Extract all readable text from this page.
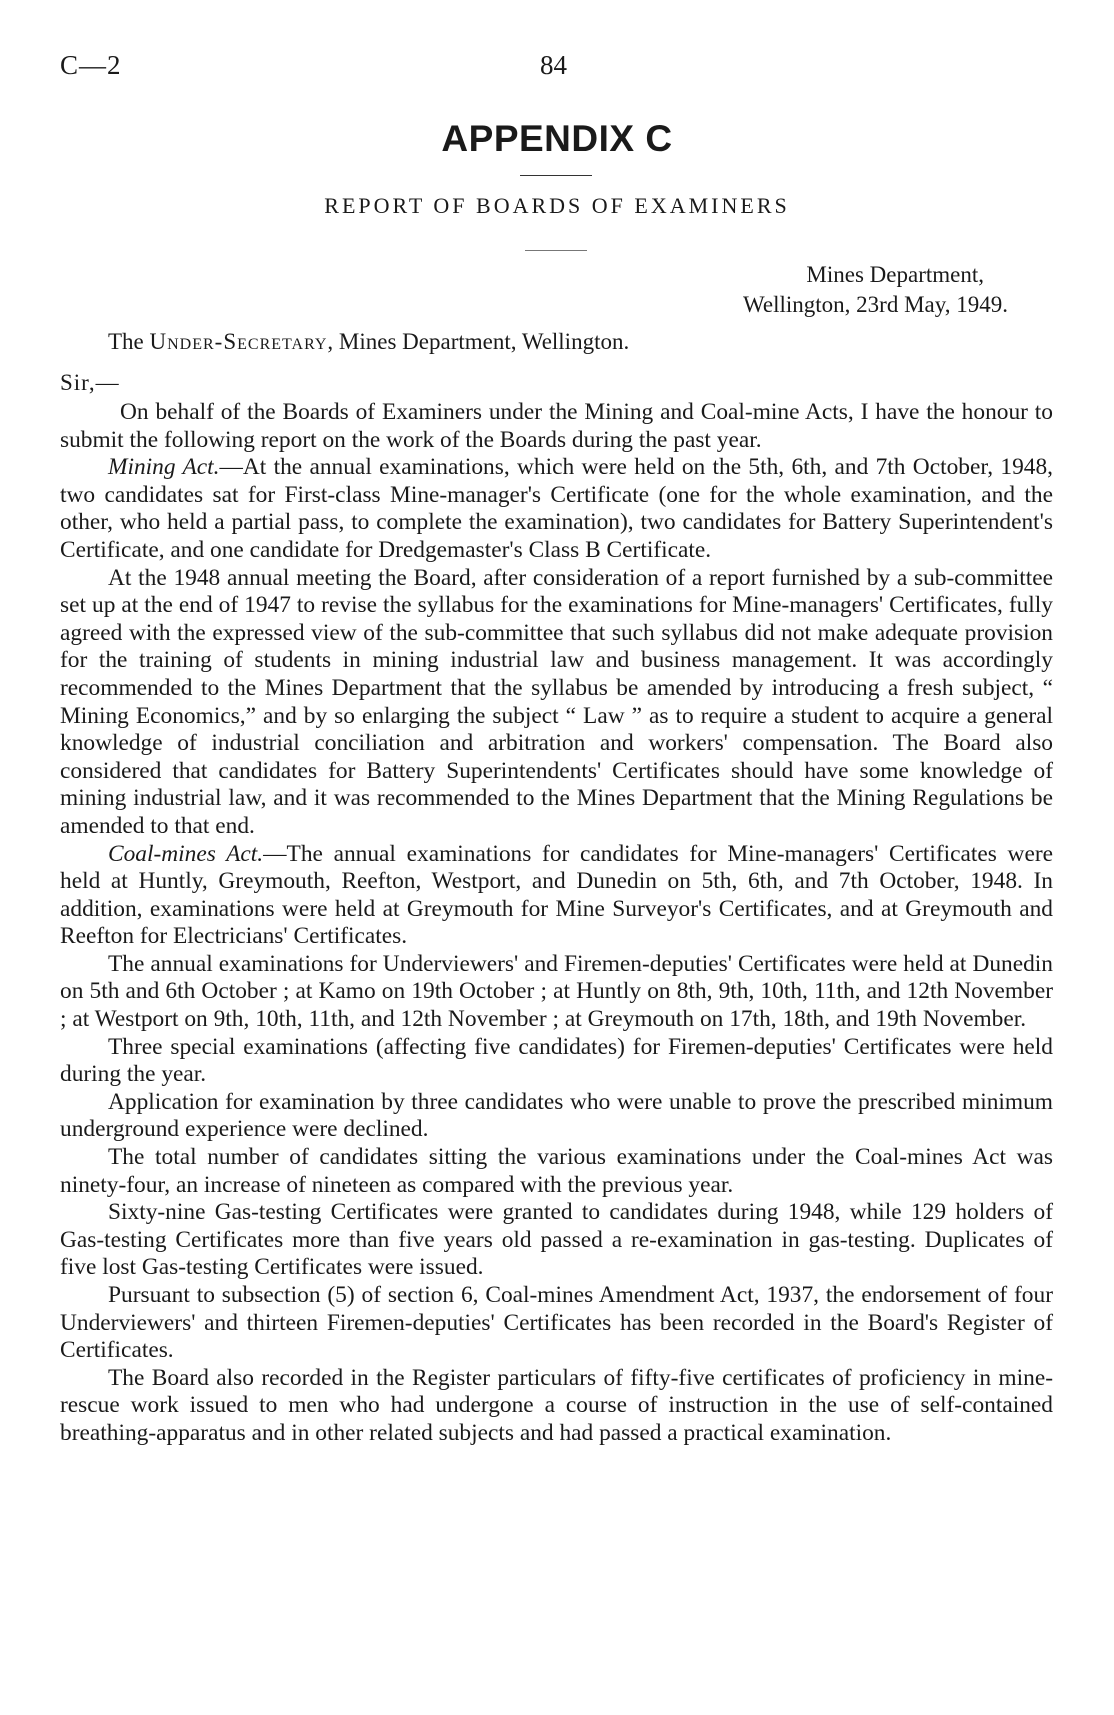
C—2	84
APPENDIX C
REPORT OF BOARDS OF EXAMINERS
Mines Department,
Wellington, 23rd May, 1949.
The Under-Secretary, Mines Department, Wellington.
Sir,—

On behalf of the Boards of Examiners under the Mining and Coal-mine Acts, I have the honour to submit the following report on the work of the Boards during the past year.

Mining Act.—At the annual examinations, which were held on the 5th, 6th, and 7th October, 1948, two candidates sat for First-class Mine-manager's Certificate (one for the whole examination, and the other, who held a partial pass, to complete the examination), two candidates for Battery Superintendent's Certificate, and one candidate for Dredgemaster's Class B Certificate.

At the 1948 annual meeting the Board, after consideration of a report furnished by a sub-committee set up at the end of 1947 to revise the syllabus for the examinations for Mine-managers' Certificates, fully agreed with the expressed view of the sub-committee that such syllabus did not make adequate provision for the training of students in mining industrial law and business management. It was accordingly recommended to the Mines Department that the syllabus be amended by introducing a fresh subject, “ Mining Economics,” and by so enlarging the subject “ Law ” as to require a student to acquire a general knowledge of industrial conciliation and arbitration and workers' compensation. The Board also considered that candidates for Battery Superintendents' Certificates should have some knowledge of mining industrial law, and it was recommended to the Mines Department that the Mining Regulations be amended to that end.

Coal-mines Act.—The annual examinations for candidates for Mine-managers' Certificates were held at Huntly, Greymouth, Reefton, Westport, and Dunedin on 5th, 6th, and 7th October, 1948. In addition, examinations were held at Greymouth for Mine Surveyor's Certificates, and at Greymouth and Reefton for Electricians' Certificates.

The annual examinations for Underviewers' and Firemen-deputies' Certificates were held at Dunedin on 5th and 6th October ; at Kamo on 19th October ; at Huntly on 8th, 9th, 10th, 11th, and 12th November ; at Westport on 9th, 10th, 11th, and 12th November ; at Greymouth on 17th, 18th, and 19th November.

Three special examinations (affecting five candidates) for Firemen-deputies' Certificates were held during the year.

Application for examination by three candidates who were unable to prove the prescribed minimum underground experience were declined.

The total number of candidates sitting the various examinations under the Coal-mines Act was ninety-four, an increase of nineteen as compared with the previous year.

Sixty-nine Gas-testing Certificates were granted to candidates during 1948, while 129 holders of Gas-testing Certificates more than five years old passed a re-examination in gas-testing. Duplicates of five lost Gas-testing Certificates were issued.

Pursuant to subsection (5) of section 6, Coal-mines Amendment Act, 1937, the endorsement of four Underviewers' and thirteen Firemen-deputies' Certificates has been recorded in the Board's Register of Certificates.

The Board also recorded in the Register particulars of fifty-five certificates of proficiency in mine-rescue work issued to men who had undergone a course of instruction in the use of self-contained breathing-apparatus and in other related subjects and had passed a practical examination.
